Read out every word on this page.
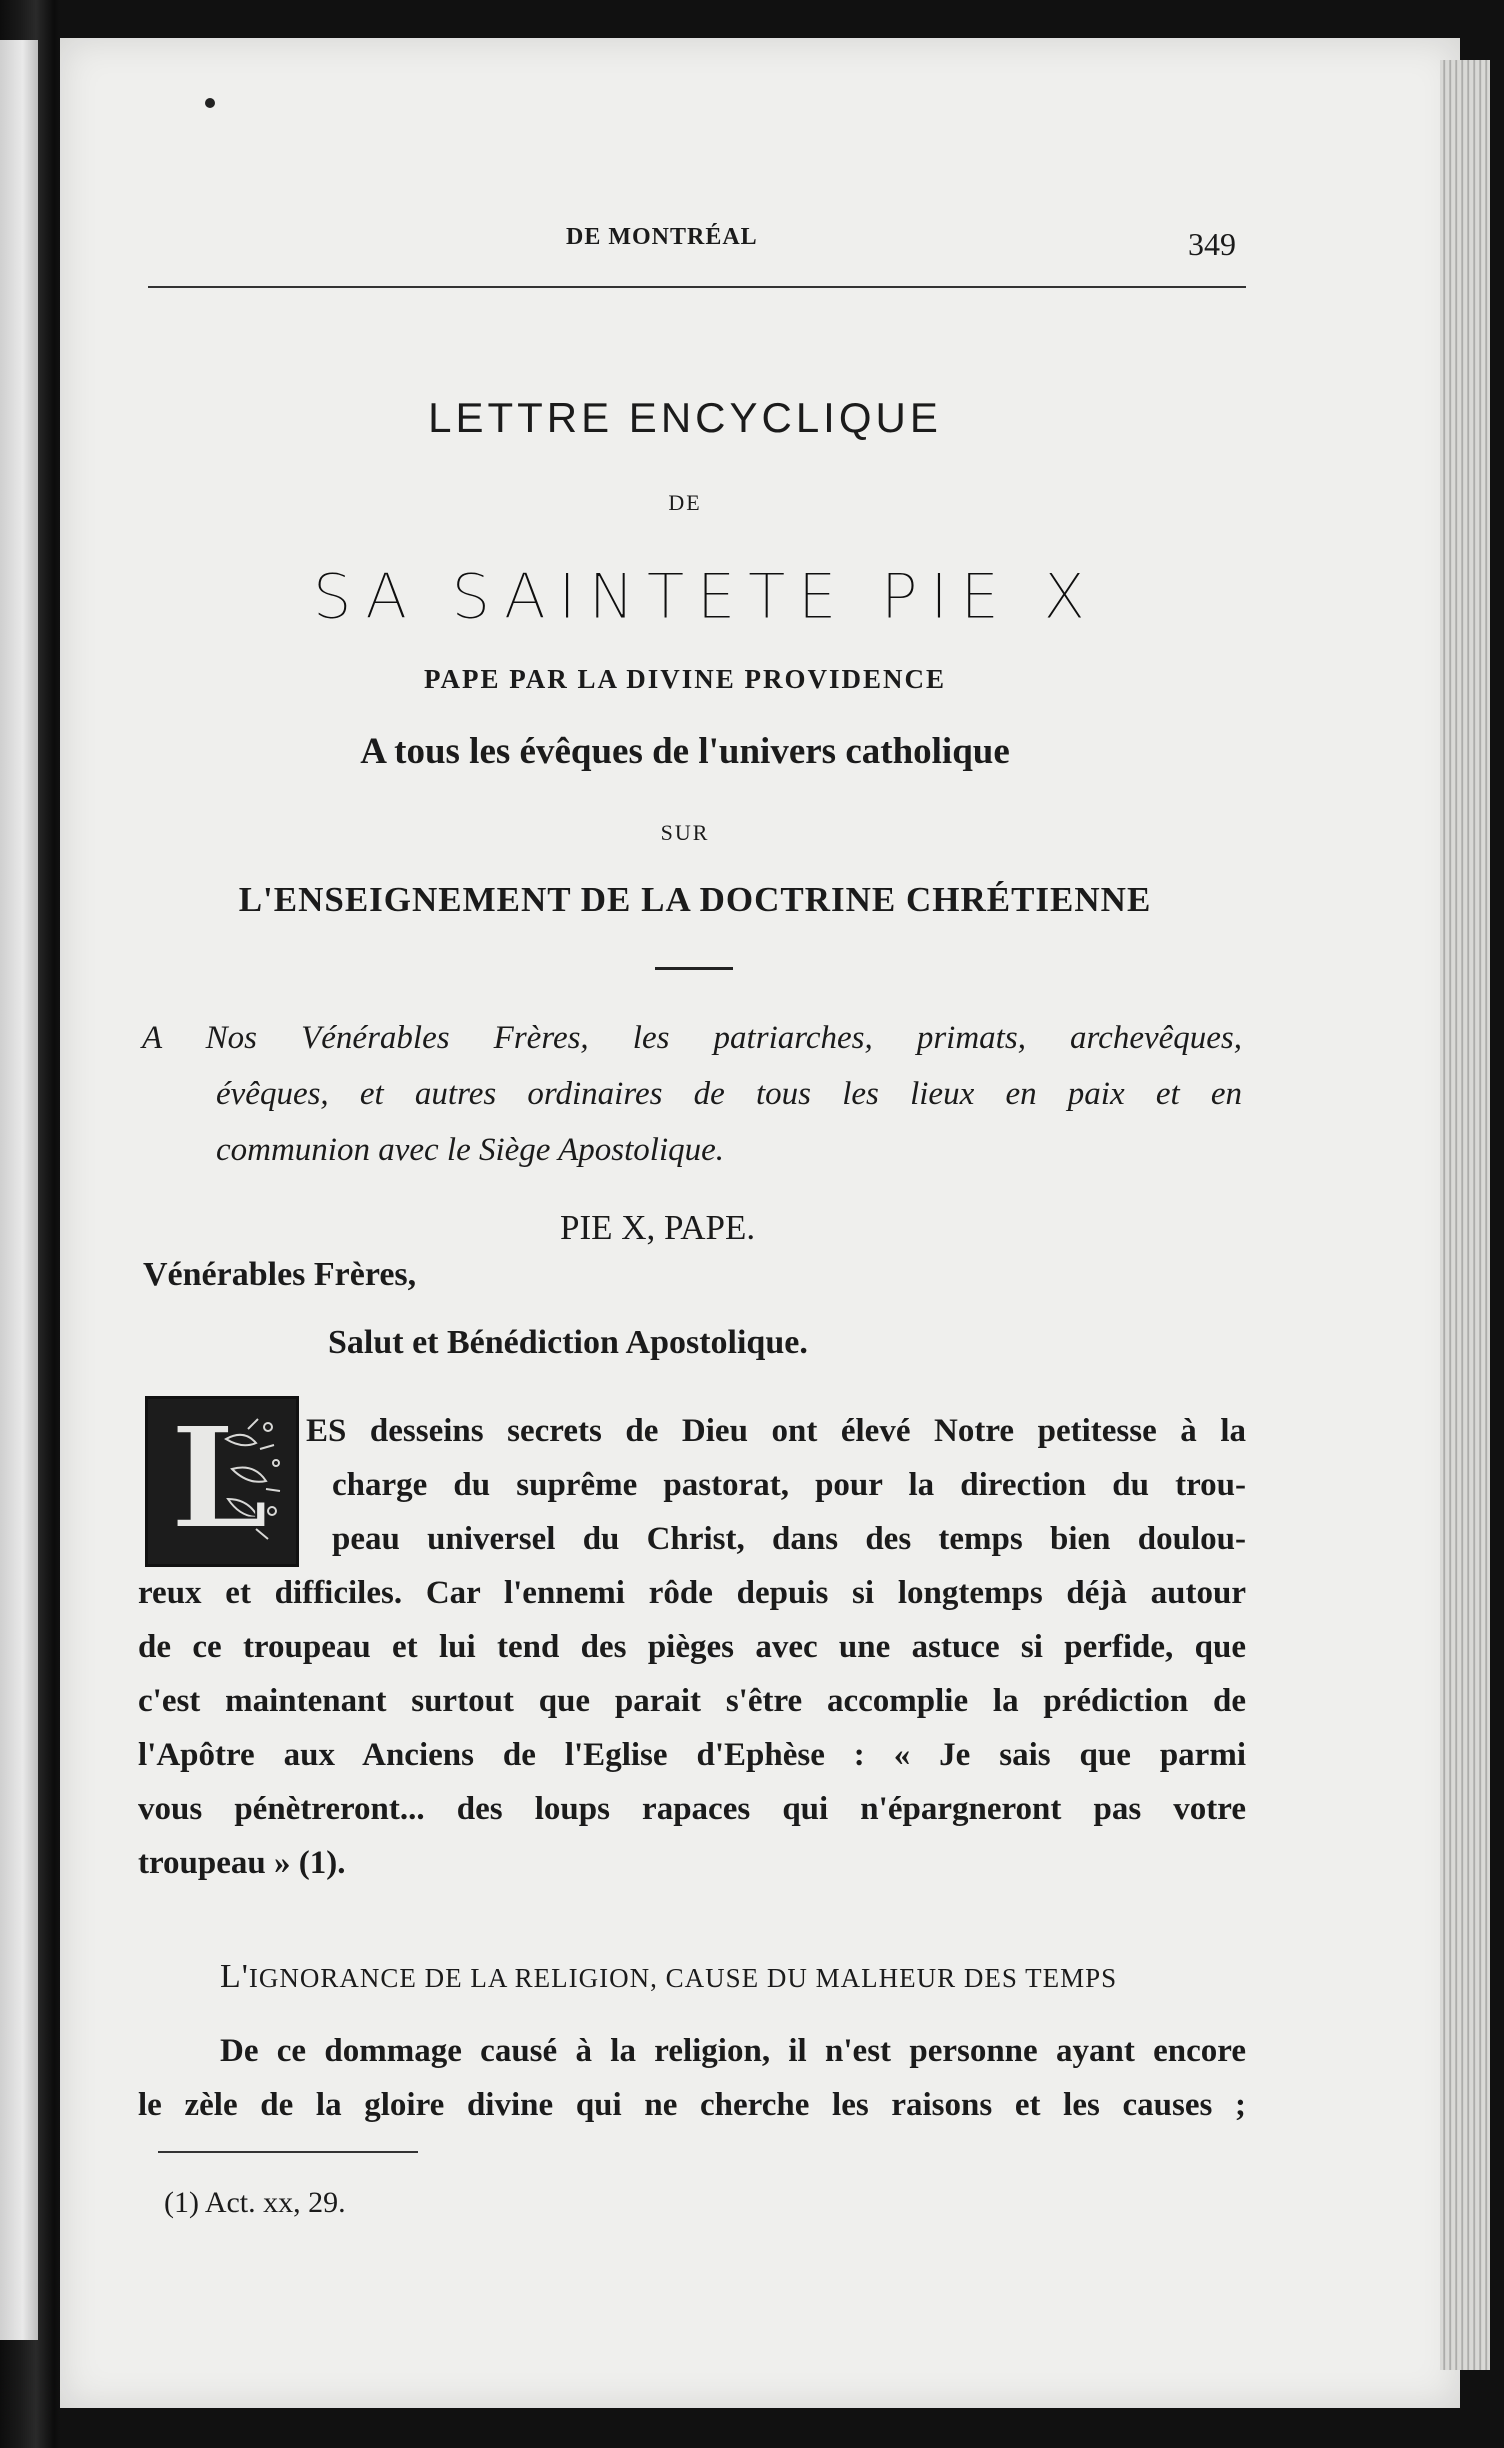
DE MONTRÉAL	349
LETTRE ENCYCLIQUE
DE
SA SAINTETE PIE X
PAPE PAR LA DIVINE PROVIDENCE
A tous les évêques de l'univers catholique
SUR
L'ENSEIGNEMENT DE LA DOCTRINE CHRÉTIENNE
A Nos Vénérables Frères, les patriarches, primats, archevêques,
évêques, et autres ordinaires de tous les lieux en paix et en
communion avec le Siège Apostolique.
PIE X, PAPE.
Vénérables Frères,
Salut et Bénédiction Apostolique.
L ES desseins secrets de Dieu ont élevé Notre petitesse à la
charge du suprême pastorat, pour la direction du trou-
peau universel du Christ, dans des temps bien doulou-
reux et difficiles. Car l'ennemi rôde depuis si longtemps déjà autour
de ce troupeau et lui tend des pièges avec une astuce si perfide, que
c'est maintenant surtout que parait s'être accomplie la prédiction de
l'Apôtre aux Anciens de l'Eglise d'Ephèse : « Je sais que parmi
vous pénètreront... des loups rapaces qui n'épargneront pas votre
troupeau » (1).
L'IGNORANCE DE LA RELIGION, CAUSE DU MALHEUR DES TEMPS
De ce dommage causé à la religion, il n'est personne ayant encore
le zèle de la gloire divine qui ne cherche les raisons et les causes ;
(1) Act. xx, 29.
